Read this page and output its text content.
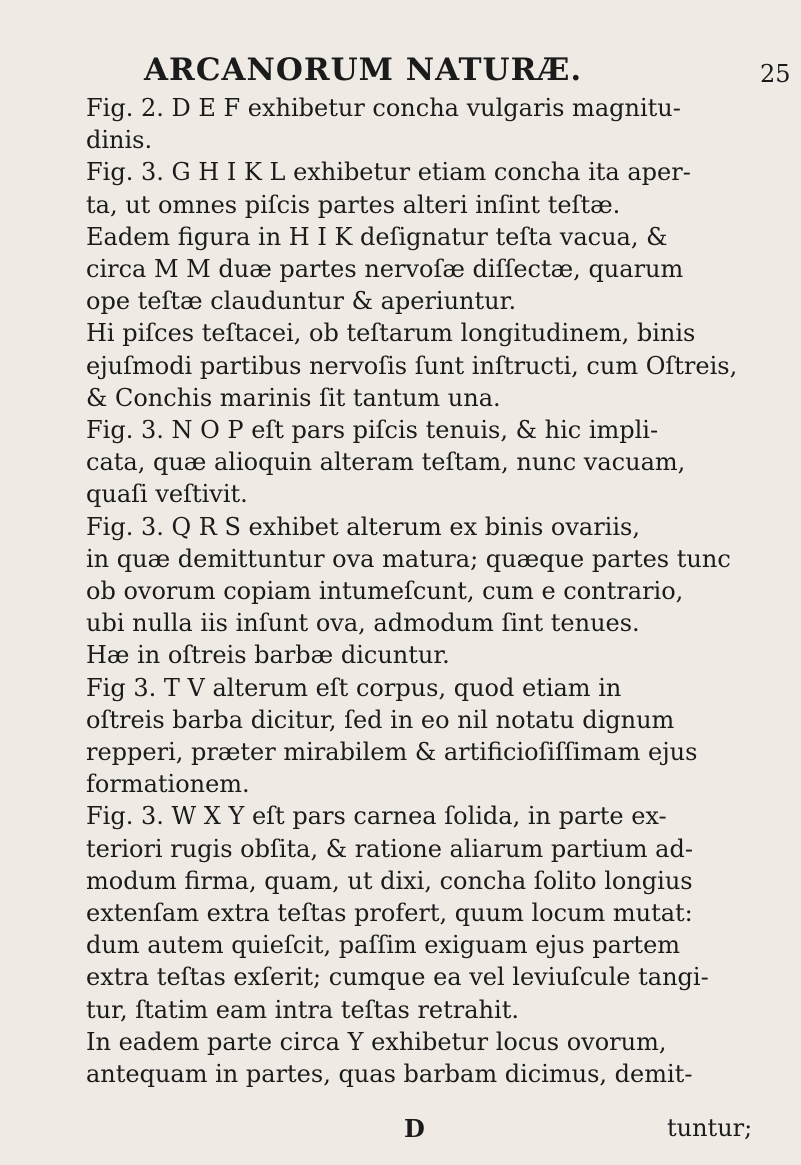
ARCANORUM NATURÆ.	25

Fig. 2. D E F exhibetur concha vulgaris magnitu-
dinis.

Fig. 3. G H I K L exhibetur etiam concha ita aper-
ta, ut omnes piſcis partes alteri inſint teſtæ.
Eadem figura in H I K deſignatur teſta vacua, &
circa M M duæ partes nervoſæ diſſectæ, quarum
ope teſtæ clauduntur & aperiuntur.

Hi piſces teſtacei, ob teſtarum longitudinem, binis
ejuſmodi partibus nervoſis ſunt inſtructi, cum Oſtreis,
& Conchis marinis ſit tantum una.

Fig. 3. N O P eſt pars piſcis tenuis, & hic impli-
cata, quæ alioquin alteram teſtam, nunc vacuam,
quaſi veſtivit.

Fig. 3. Q R S exhibet alterum ex binis ovariis,
in quæ demittuntur ova matura; quæque partes tunc
ob ovorum copiam intumeſcunt, cum e contrario,
ubi nulla iis inſunt ova, admodum ſint tenues.
Hæ in oſtreis barbæ dicuntur.

Fig 3. T V alterum eſt corpus, quod etiam in
oſtreis barba dicitur, ſed in eo nil notatu dignum
repperi, præter mirabilem & artificioſiſſimam ejus
formationem.

Fig. 3. W X Y eſt pars carnea ſolida, in parte ex-
teriori rugis obſita, & ratione aliarum partium ad-
modum firma, quam, ut dixi, concha ſolito longius
extenſam extra teſtas profert, quum locum mutat:
dum autem quieſcit, paſſim exiguam ejus partem
extra teſtas exſerit; cumque ea vel leviuſcule tangi-
tur, ſtatim eam intra teſtas retrahit.

In eadem parte circa Y exhibetur locus ovorum,
antequam in partes, quas barbam dicimus, demit-

D	tuntur;
